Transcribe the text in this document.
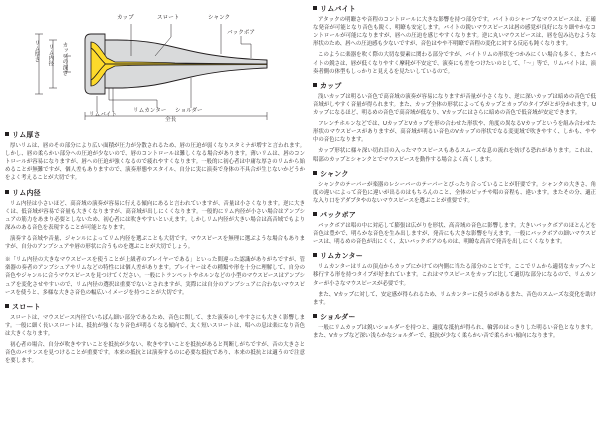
カップ	スロート	シャンク
バックボア
リムバイト
リムカンター ショルダー
リム厚さ リム内径 カップの深さ
全長
リム厚さ

厚いリムは、唇のその部分により広い面積が圧力が分散されるため、唇の圧迫が弱くなりスタミナが増すと言われます。しかし、唇の柔らかい部分への圧迫が少ないので、唇のコントロールは難しくなる場合があります。薄いリムは、唇のコントロールが容易になりますが、唇への圧迫が強くなるので疲れやすくなります。一般的に初心者は中庸な厚さのリムから始めることが無難ですが、個人差もありますので、演奏形態やスタイル、自分に実に演奏で身体の不具合が生じないかどうかをよく考えることが大切です。

リム内径

リム内径は小さいほど、高音域の演奏が容易に行える傾向にあると言われていますが、音量は小さくなります。逆に大きくは、低音域が容易で音量も大きくなりますが、高音域が出しにくくなります。一般的にリム内径が小さい場合はアンブシュアの筋力をあまり必要としないため、初心者には吹きやすいといえます。しかしリム内径が大きい場合は高音域でもより深みのある音色を表現することが可能となります。

演奏する音域や音量、ジャンルによってリム内径を選ぶことも大切です。マウスピースを無理に選ぶような場合もありますが、自分のアンブシュアや唇の形状に合うものを選ぶことが大切でしょう。

※「リム内径の大きなマウスピースを使うことが上級者のプレイヤーである」といった間違った認識がありがちですが、管楽器の奏者のアンブシュアやリムなどの特性には個人差があります。プレイヤーはその種類や形を十分に理解して、自分の音色やジャンルに合うマウスピースを見つけてください。一般にトランペットやホルンなどの小型のマウスピースはアンブシュアを変化させやすいので、リム内径の選択は重要でないとされますが、実際には自分のアンブシュアに合わないマウスピースを使うと、多様な大きさ音色の幅広いイメージを持つことが大切です。

スロート

スロートは、マウスピース内径でいちばん細い部分であるため、音色に関して、また演奏のしやすさにも大きく影響します。一般に細く長いスロートは、抵抗が強くなり音色が明るくなる傾向で、太く短いスロートは、唱への息は楽になり音色は大きくなります。

初心者の場合、自分が吹きやすいことを抵抗が少ない、吹きやすいことを抵抗があると判断しがちですが、音の大きさと音色のバランスを見つけることが重要です。本来の抵抗とは演奏するのに必要な抵抗であり、本来の抵抗とは適うので注意を要します。

リムバイト

アタックの明瞭さや音程のコントロールに大きな影響を持つ部分です。バイトのシャープなマウスピースは、正確な発音が可能となり音色も鋭く、明瞭も安定します。バイトの鋭いマウスピースは唇の感覚が良好になり細やかなコントロールが可能になりますが、唇への圧迫を感じやすくなります。逆に丸いマウスピースは、唇を包み込むような形状のため、唇への圧迫感も少ないですが、音色はやや不明瞭で音程の変化に対する反応も鈍くなります。

このように楽器を吹く際の大切な要素に関わる部分ですが、バイトリムの形状をつかみにくい場合も多く、またバイトの鋭さは、唇が低くなりやすく摩耗が不安定で、演奏にも差をつけたいのとして、「〜」等で、リムバイトは、演奏者側の体型もしっかりと見えるを見たいしているので。

カップ

浅いカップは明るい音色で高音域の演奏が容易になりますが音量が小さくなり、逆に深いカップは暗めの音色で低音域がしやすく音量が得られます。また、カップ全体の形状によってもカップとカップのタイプがとが分かれます。Uカップになるほど、明るめの音色で高音域が低なり、Vカップにはさらに暗めの音色で低音域が安定できます。

フレンチホルンなどでは、UカップとVカップを形の合わせた形状や、角度の異なるVカップというを組み合わせた形状のマウスピースがありますが、高音域が明るい音色のVカップの形状でなる変更域で吹きやすく、しかも、やや中の音色になります。

カップ形状に様々深い切れ目の入ったマウスピースもあるスムーズな息の流れを妨げる恐れがあります。これは、唱部のカップとシャンクとでマウスピースを動作する場合よく高くします。

シャンク

シャンクのテーパーが楽器のレシーバーのテーパーとぴったり合っていることが肝要です。シャンクの大きさ、角度の違いによって音色に違いが出るのはもちろんのこと、全体のピッチや唱の音程も、違います。またその分、適正な入り口をアダプタやのないマウスピースを選ぶことが重要です。

バックボア

バックボアは唱の中に対応して膨張は広がりを形状、高音域の音色に影響します。大きいバックボアのほとんどを音色は豊かで、明らかな音色を生み出しますが、発音にも大きな影響を与えます。一般にバックボアの細いマウスピースは、明るめの音色が出にくく、太いバックボアのものは、明瞭な高音で発音を出しにくくなります。

リムカンター

リムカンターはリムの頂点からカップにかけての内側に当たる部分のことです。ここでリムから適切なカップへと移行する形を持つタイプが好まれています。これはマウスピースをカップに比して適切な部分になるので、リムカンターが小さなマウスピースが必要です。

また、Vカップに対して、安定感が得られるため、リムカンターに使うのがあるまた、音色のスムーズな変化を助けます。

ショルダー

一般にリムカップは鋭いショルダーを持つと、適度な抵抗が得られ、輪郭のはっきりした明るい音色となります。また、Vカップなど深い浅らかなショルダーで、抵抗が少なく柔らかい音で柔らかい傾向になります。
